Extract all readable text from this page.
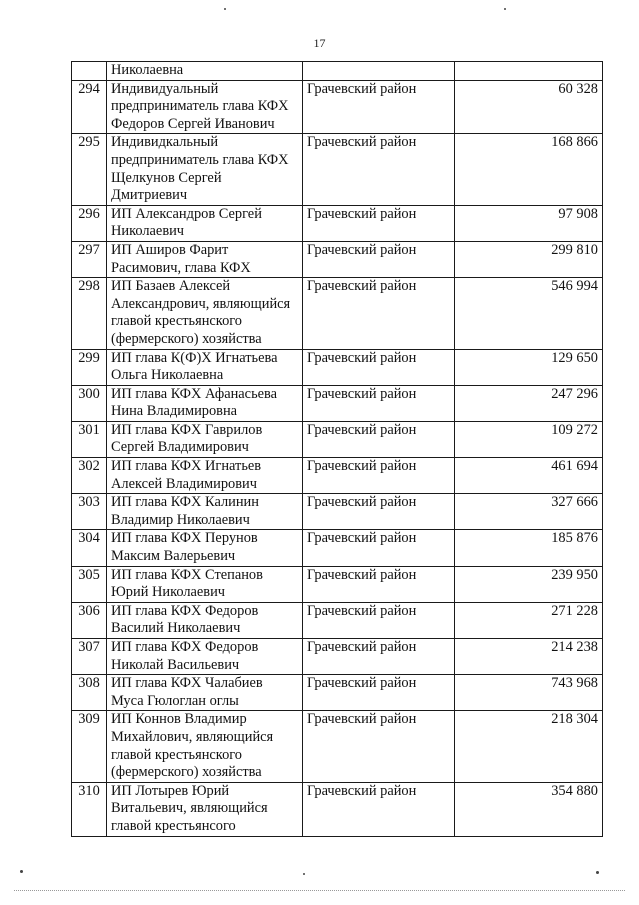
17
	Николаевна		
294	Индивидуальный предприниматель глава КФХ Федоров Сергей Иванович	Грачевский район	60 328
295	Индивидкальный предприниматель глава КФХ Щелкунов Сергей Дмитриевич	Грачевский район	168 866
296	ИП Александров Сергей Николаевич	Грачевский район	97 908
297	ИП Аширов Фарит Расимович, глава КФХ	Грачевский район	299 810
298	ИП Базаев Алексей Александрович, являющийся главой крестьянского (фермерского) хозяйства	Грачевский район	546 994
299	ИП глава К(Ф)Х Игнатьева Ольга Николаевна	Грачевский район	129 650
300	ИП глава КФХ Афанасьева Нина Владимировна	Грачевский район	247 296
301	ИП глава КФХ Гаврилов Сергей Владимирович	Грачевский район	109 272
302	ИП глава КФХ Игнатьев Алексей Владимирович	Грачевский район	461 694
303	ИП глава КФХ Калинин Владимир Николаевич	Грачевский район	327 666
304	ИП глава КФХ Перунов Максим Валерьевич	Грачевский район	185 876
305	ИП глава КФХ Степанов Юрий Николаевич	Грачевский район	239 950
306	ИП глава КФХ Федоров Василий Николаевич	Грачевский район	271 228
307	ИП глава КФХ Федоров Николай Васильевич	Грачевский район	214 238
308	ИП глава КФХ Чалабиев Муса Гюлоглан оглы	Грачевский район	743 968
309	ИП Коннов Владимир Михайлович, являющийся главой крестьянского (фермерского) хозяйства	Грачевский район	218 304
310	ИП Лотырев Юрий Витальевич, являющийся главой крестьянсого	Грачевский район	354 880
